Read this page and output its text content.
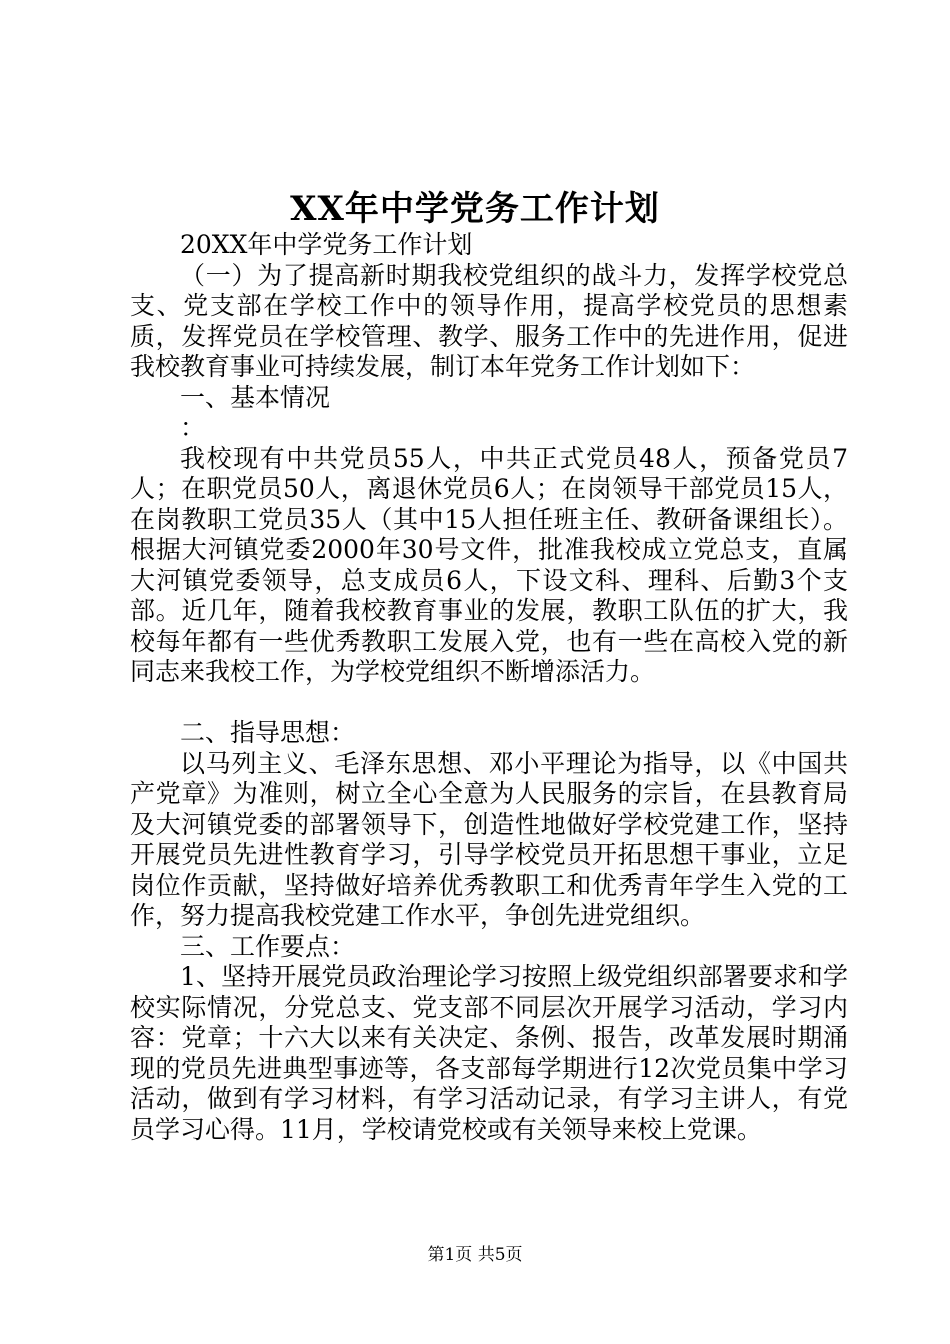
XX年中学党务工作计划

20XX年中学党务工作计划

（一）为了提高新时期我校党组织的战斗力，发挥学校党总支、党支部在学校工作中的领导作用，提高学校党员的思想素质，发挥党员在学校管理、教学、服务工作中的先进作用，促进我校教育事业可持续发展，制订本年党务工作计划如下：

一、基本情况

：

我校现有中共党员55人，中共正式党员48人，预备党员7人；在职党员50人，离退休党员6人；在岗领导干部党员15人，在岗教职工党员35人（其中15人担任班主任、教研备课组长）。根据大河镇党委2000年30号文件，批准我校成立党总支，直属大河镇党委领导，总支成员6人，下设文科、理科、后勤3个支部。近几年，随着我校教育事业的发展，教职工队伍的扩大，我校每年都有一些优秀教职工发展入党，也有一些在高校入党的新同志来我校工作，为学校党组织不断增添活力。

二、指导思想：

以马列主义、毛泽东思想、邓小平理论为指导，以《中国共产党章》为准则，树立全心全意为人民服务的宗旨，在县教育局及大河镇党委的部署领导下，创造性地做好学校党建工作，坚持开展党员先进性教育学习，引导学校党员开拓思想干事业，立足岗位作贡献，坚持做好培养优秀教职工和优秀青年学生入党的工作，努力提高我校党建工作水平，争创先进党组织。

三、工作要点：

1、坚持开展党员政治理论学习按照上级党组织部署要求和学校实际情况，分党总支、党支部不同层次开展学习活动，学习内容：党章；十六大以来有关决定、条例、报告，改革发展时期涌现的党员先进典型事迹等，各支部每学期进行12次党员集中学习活动，做到有学习材料，有学习活动记录，有学习主讲人，有党员学习心得。11月，学校请党校或有关领导来校上党课。

第1页 共5页
